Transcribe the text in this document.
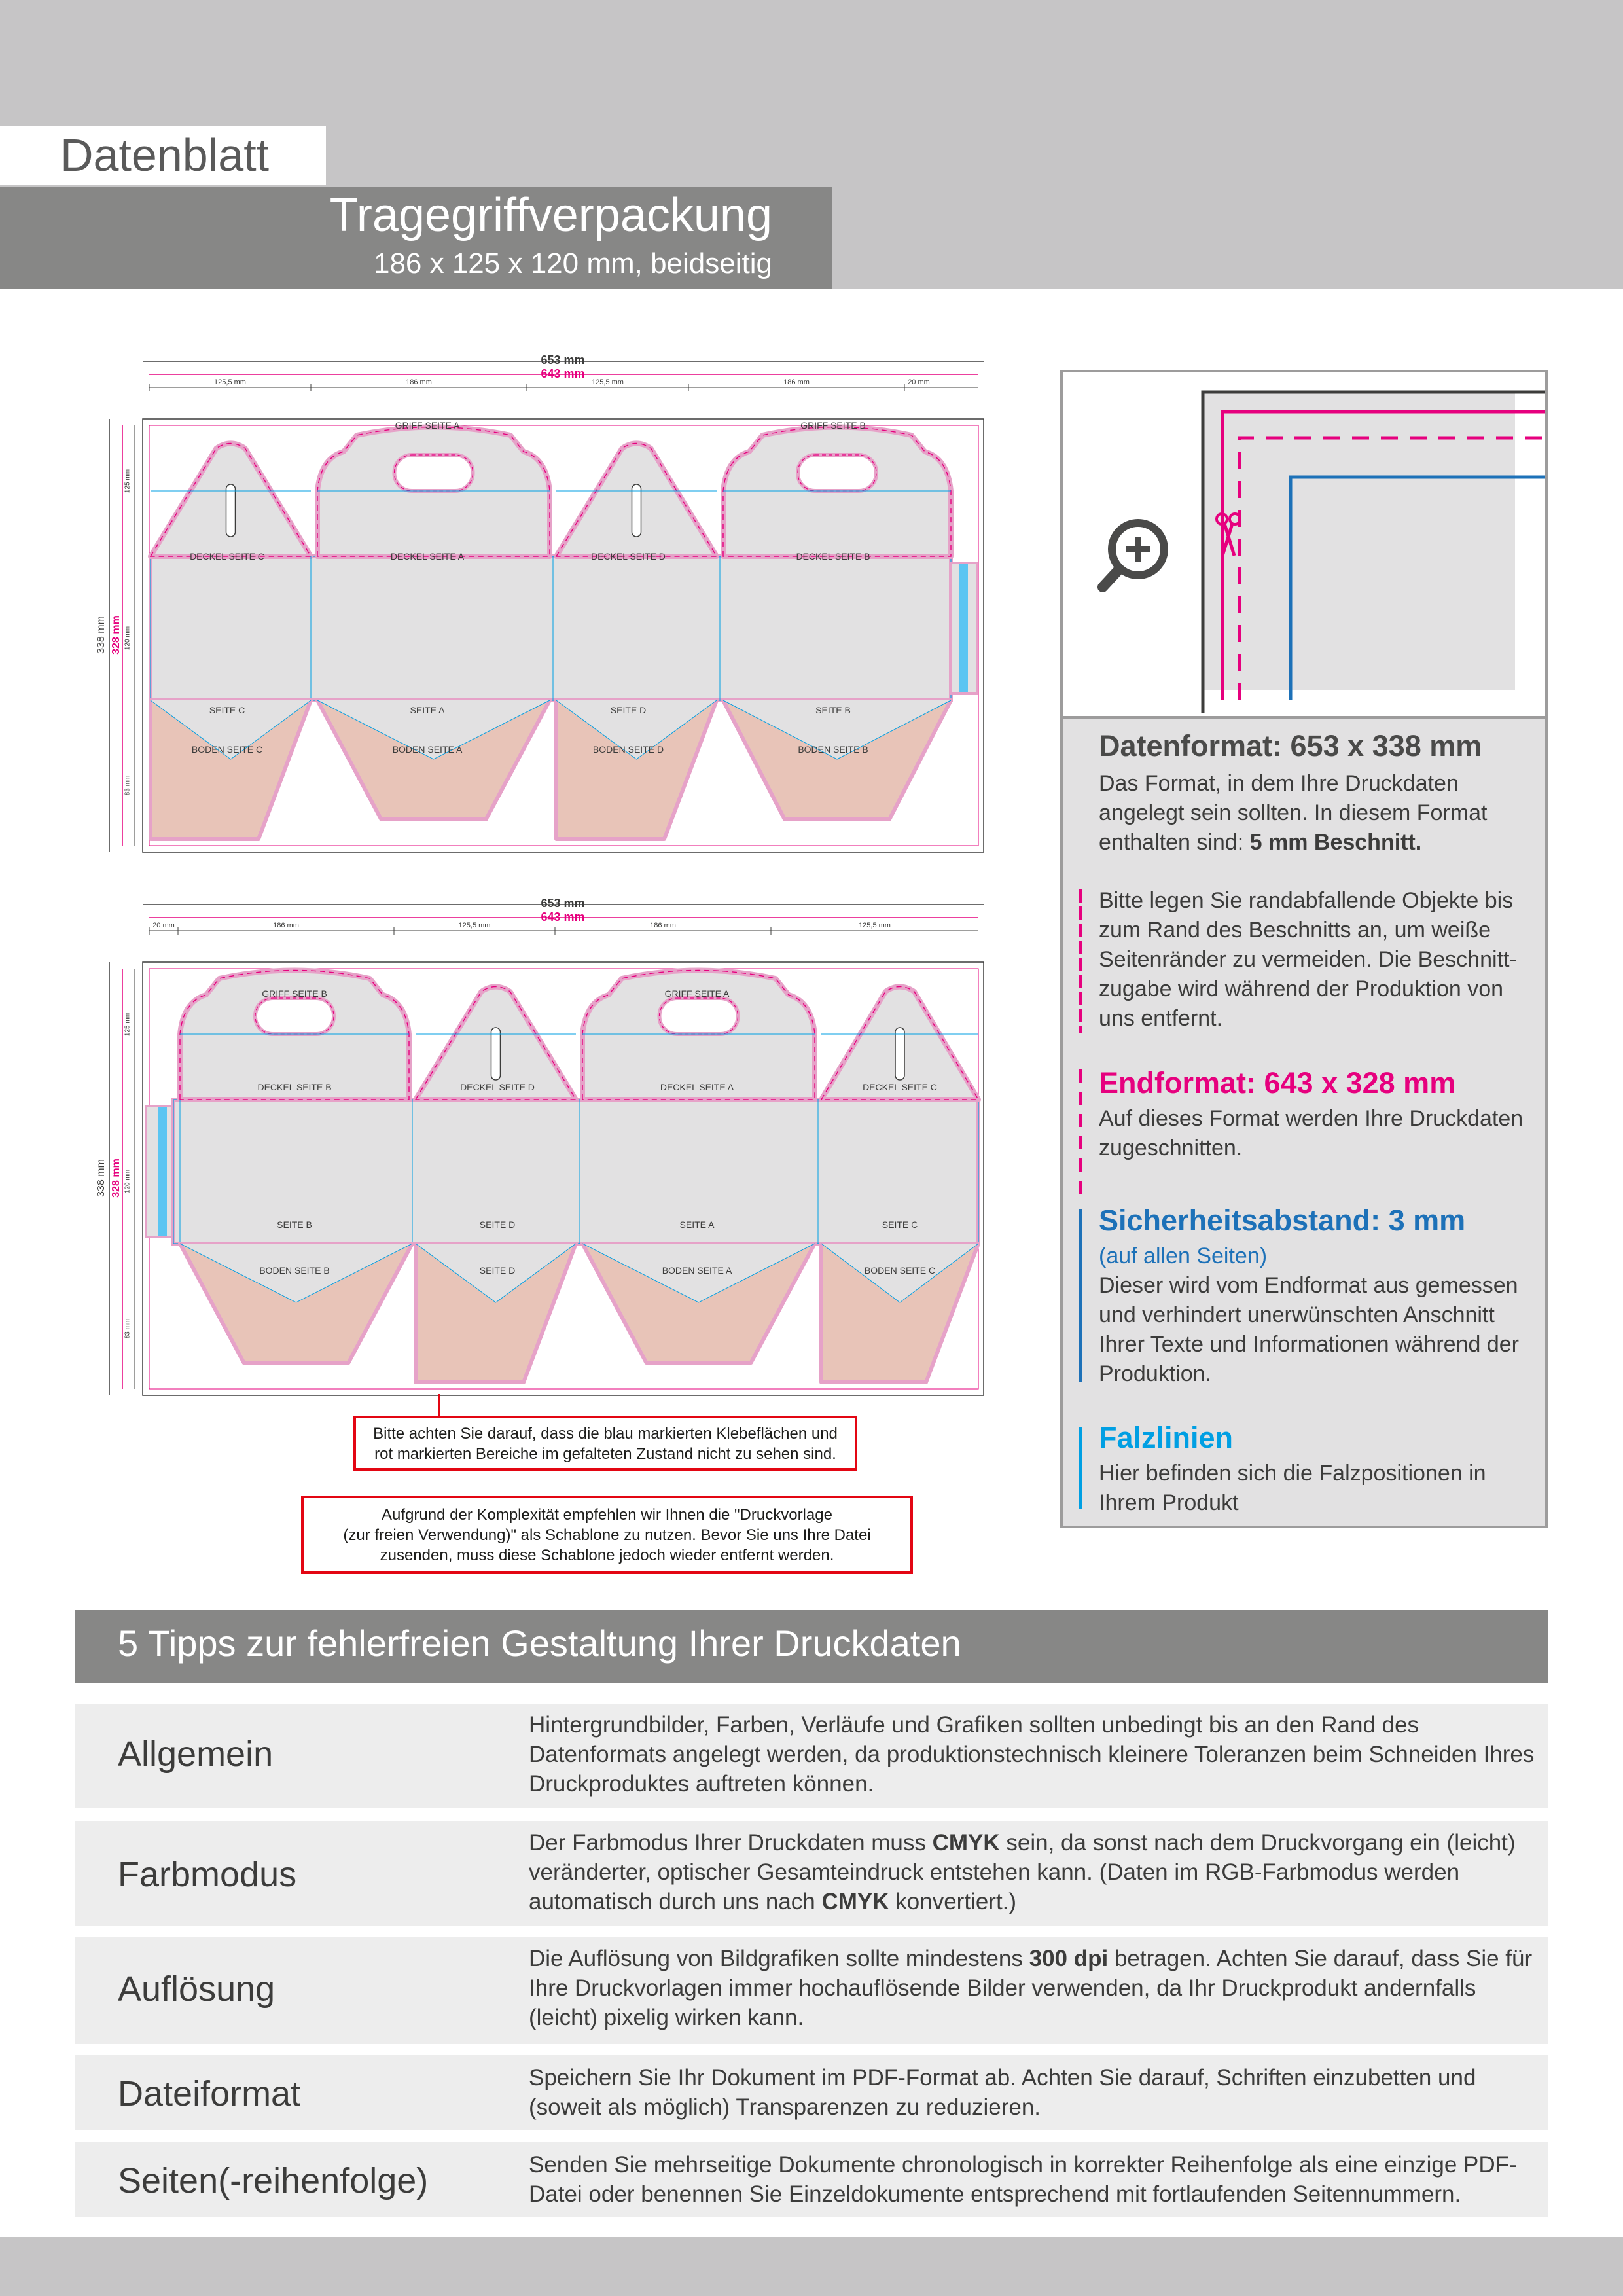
Datenblatt
Tragegriffverpackung
186 x 125 x 120 mm, beidseitig
653 mm
643 mm
125,5 mm	186 mm	125,5 mm	186 mm	20 mm
338 mm 328 mm
125 mm
120 mm
83 mm
GRIFF SEITE A	GRIFF SEITE B
DECKEL SEITE C	DECKEL SEITE A	DECKEL SEITE D	DECKEL SEITE B
SEITE C	SEITE A	SEITE D	SEITE B
BODEN SEITE C	BODEN SEITE A	BODEN SEITE D	BODEN SEITE B
653 mm
643 mm
20 mm	186 mm	125,5 mm	186 mm	125,5 mm
338 mm 328 mm
125 mm
120 mm
83 mm
GRIFF SEITE B	GRIFF SEITE A
DECKEL SEITE B	DECKEL SEITE D	DECKEL SEITE A	DECKEL SEITE C
SEITE B	SEITE D	SEITE A	SEITE C
BODEN SEITE B	SEITE D	BODEN SEITE A	BODEN SEITE C
Bitte achten Sie darauf, dass die blau markierten Klebeflächen und
rot markierten Bereiche im gefalteten Zustand nicht zu sehen sind.
Aufgrund der Komplexität empfehlen wir Ihnen die "Druckvorlage
(zur freien Verwendung)" als Schablone zu nutzen. Bevor Sie uns Ihre Datei
zusenden, muss diese Schablone jedoch wieder entfernt werden.
Datenformat: 653 x 338 mm
Das Format, in dem Ihre Druckdaten angelegt sein sollten. In diesem Format enthalten sind: 5 mm Beschnitt.
Bitte legen Sie randabfallende Objekte bis zum Rand des Beschnitts an, um weiße Seitenränder zu vermeiden. Die Beschnitt-zugabe wird während der Produktion von uns entfernt.
Endformat: 643 x 328 mm
Auf dieses Format werden Ihre Druckdaten zugeschnitten.
Sicherheitsabstand: 3 mm
(auf allen Seiten)
Dieser wird vom Endformat aus gemessen und verhindert unerwünschten Anschnitt Ihrer Texte und Informationen während der Produktion.
Falzlinien
Hier befinden sich die Falzpositionen in Ihrem Produkt
5 Tipps zur fehlerfreien Gestaltung Ihrer Druckdaten
Allgemein
Hintergrundbilder, Farben, Verläufe und Grafiken sollten unbedingt bis an den Rand des Datenformats angelegt werden, da produktionstechnisch kleinere Toleranzen beim Schneiden Ihres Druckproduktes auftreten können.
Farbmodus
Der Farbmodus Ihrer Druckdaten muss CMYK sein, da sonst nach dem Druckvorgang ein (leicht) veränderter, optischer Gesamteindruck entstehen kann. (Daten im RGB-Farbmodus werden automatisch durch uns nach CMYK konvertiert.)
Auflösung
Die Auflösung von Bildgrafiken sollte mindestens 300 dpi betragen. Achten Sie darauf, dass Sie für Ihre Druckvorlagen immer hochauflösende Bilder verwenden, da Ihr Druckprodukt andernfalls (leicht) pixelig wirken kann.
Dateiformat	Speichern Sie Ihr Dokument im PDF-Format ab. Achten Sie darauf, Schriften einzubetten und (soweit als möglich) Transparenzen zu reduzieren.
Seiten(-reihenfolge)	Senden Sie mehrseitige Dokumente chronologisch in korrekter Reihenfolge als eine einzige PDF-Datei oder benennen Sie Einzeldokumente entsprechend mit fortlaufenden Seitennummern.
